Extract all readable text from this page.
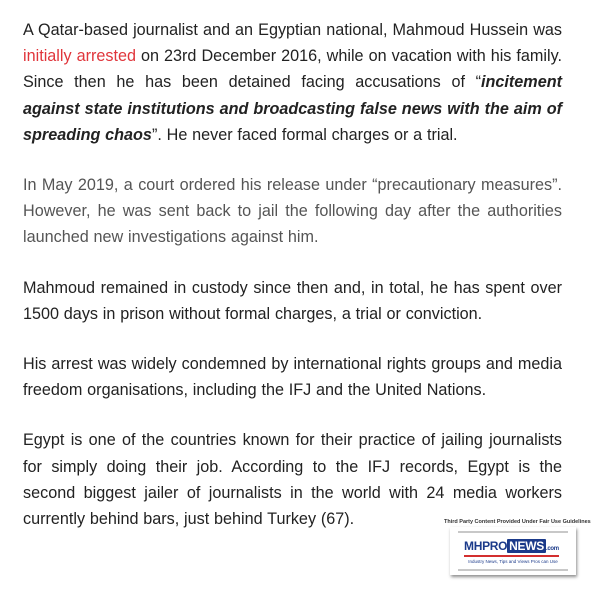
A Qatar-based journalist and an Egyptian national, Mahmoud Hussein was initially arrested on 23rd December 2016, while on vacation with his family. Since then he has been detained facing accusations of “incitement against state institutions and broadcasting false news with the aim of spreading chaos”. He never faced formal charges or a trial.

In May 2019, a court ordered his release under “precautionary measures”. However, he was sent back to jail the following day after the authorities launched new investigations against him.

Mahmoud remained in custody since then and, in total, he has spent over 1500 days in prison without formal charges, a trial or conviction.

His arrest was widely condemned by international rights groups and media freedom organisations, including the IFJ and the United Nations.

Egypt is one of the countries known for their practice of jailing journalists for simply doing their job. According to the IFJ records, Egypt is the second biggest jailer of journalists in the world with 24 media workers currently behind bars, just behind Turkey (67).	Third Party Content Provided Under Fair Use Guidelines
MHPRO NEWS .com
Industry News, Tips and Views Pros can Use
